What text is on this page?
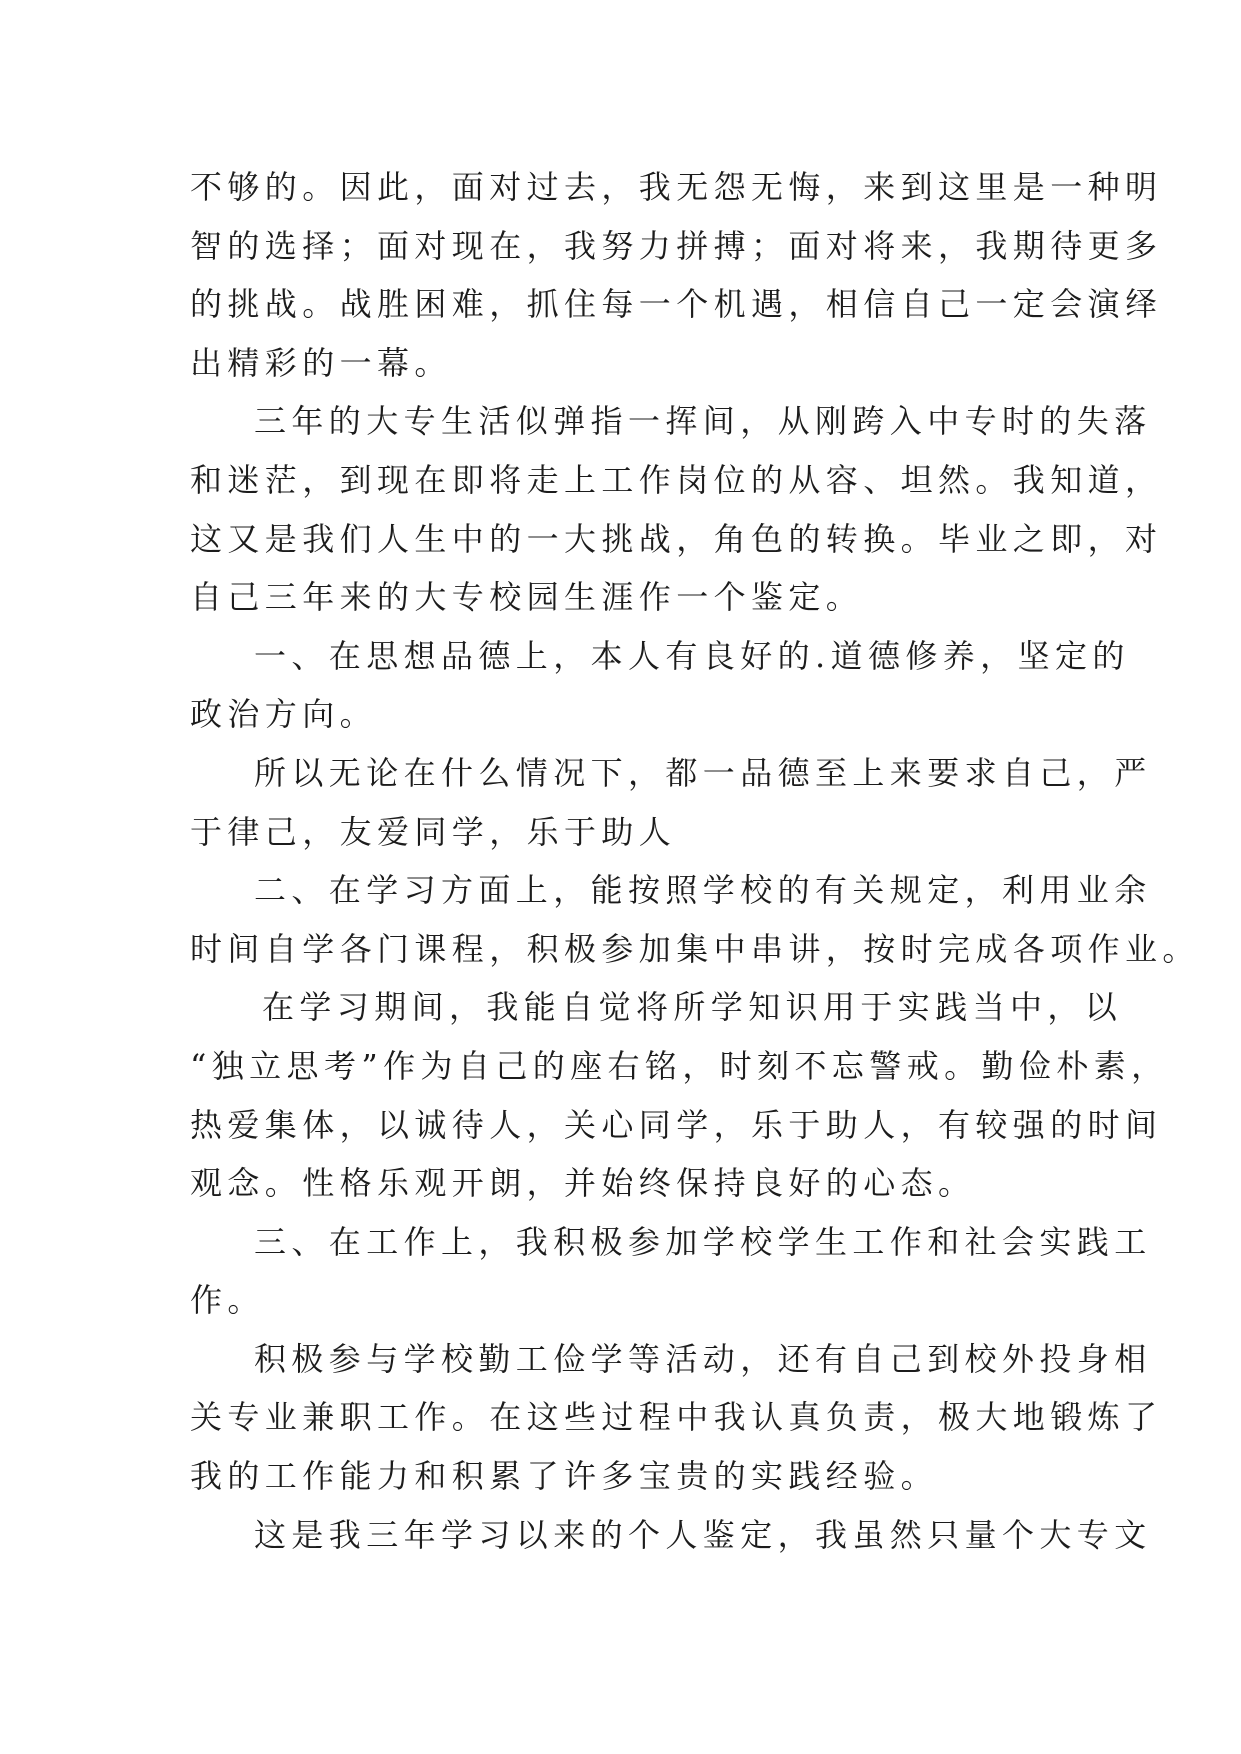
不够的。因此，面对过去，我无怨无悔，来到这里是一种明
智的选择；面对现在，我努力拼搏；面对将来，我期待更多
的挑战。战胜困难，抓住每一个机遇，相信自己一定会演绎
出精彩的一幕。
三年的大专生活似弹指一挥间，从刚跨入中专时的失落
和迷茫，到现在即将走上工作岗位的从容、坦然。我知道，
这又是我们人生中的一大挑战，角色的转换。毕业之即，对
自己三年来的大专校园生涯作一个鉴定。
一、在思想品德上，本人有良好的.道德修养，坚定的
政治方向。
所以无论在什么情况下，都一品德至上来要求自己，严
于律己，友爱同学，乐于助人
二、在学习方面上，能按照学校的有关规定，利用业余
时间自学各门课程，积极参加集中串讲，按时完成各项作业。
在学习期间，我能自觉将所学知识用于实践当中，以
“独立思考”作为自己的座右铭，时刻不忘警戒。勤俭朴素，
热爱集体，以诚待人，关心同学，乐于助人，有较强的时间
观念。性格乐观开朗，并始终保持良好的心态。
三、在工作上，我积极参加学校学生工作和社会实践工
作。
积极参与学校勤工俭学等活动，还有自己到校外投身相
关专业兼职工作。在这些过程中我认真负责，极大地锻炼了
我的工作能力和积累了许多宝贵的实践经验。
这是我三年学习以来的个人鉴定，我虽然只量个大专文
